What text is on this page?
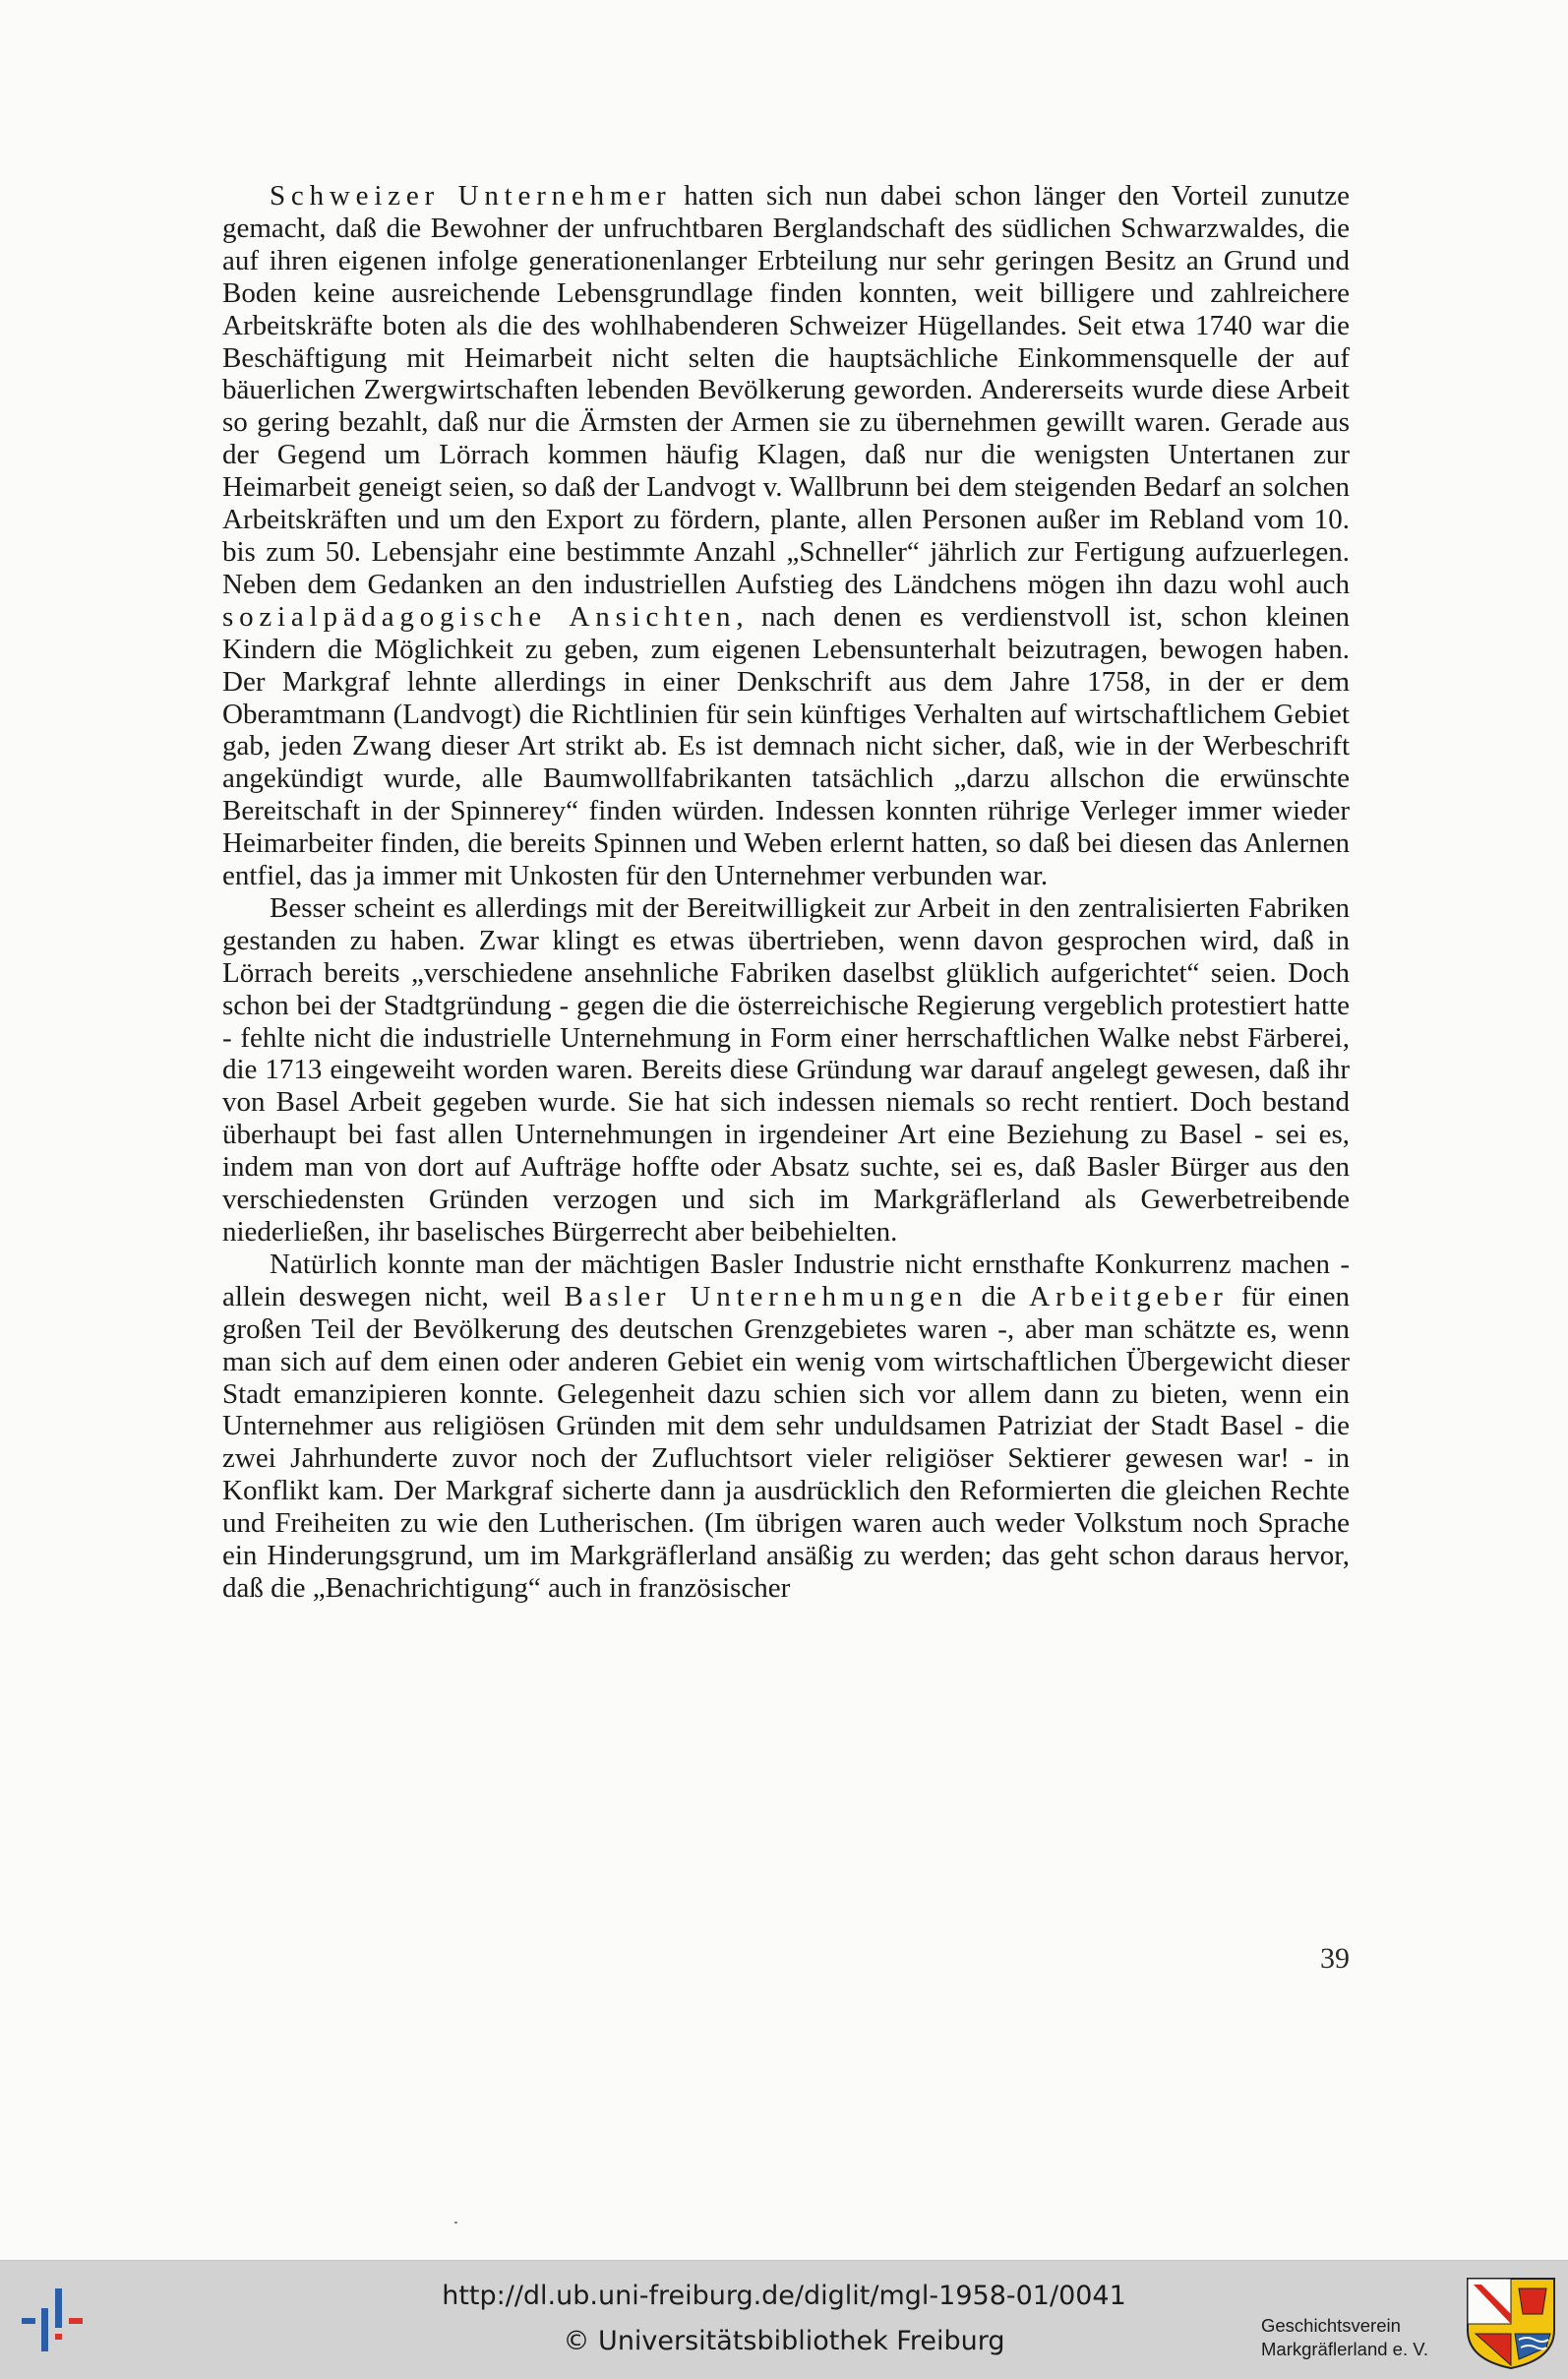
Schweizer Unternehmer hatten sich nun dabei schon länger den Vorteil zunutze gemacht, daß die Bewohner der unfruchtbaren Berglandschaft des südlichen Schwarzwaldes, die auf ihren eigenen infolge generationenlanger Erbteilung nur sehr geringen Besitz an Grund und Boden keine ausreichende Lebensgrundlage finden konnten, weit billigere und zahlreichere Arbeitskräfte boten als die des wohlhabenderen Schweizer Hügellandes. Seit etwa 1740 war die Beschäftigung mit Heimarbeit nicht selten die hauptsächliche Einkommensquelle der auf bäuerlichen Zwergwirtschaften lebenden Bevölkerung geworden. Andererseits wurde diese Arbeit so gering bezahlt, daß nur die Ärmsten der Armen sie zu übernehmen gewillt waren. Gerade aus der Gegend um Lörrach kommen häufig Klagen, daß nur die wenigsten Untertanen zur Heimarbeit geneigt seien, so daß der Landvogt v. Wallbrunn bei dem steigenden Bedarf an solchen Arbeitskräften und um den Export zu fördern, plante, allen Personen außer im Rebland vom 10. bis zum 50. Lebensjahr eine bestimmte Anzahl „Schneller“ jährlich zur Fertigung aufzuerlegen. Neben dem Gedanken an den industriellen Aufstieg des Ländchens mögen ihn dazu wohl auch sozialpädagogische Ansichten, nach denen es verdienstvoll ist, schon kleinen Kindern die Möglichkeit zu geben, zum eigenen Lebensunterhalt beizutragen, bewogen haben. Der Markgraf lehnte allerdings in einer Denkschrift aus dem Jahre 1758, in der er dem Oberamtmann (Landvogt) die Richtlinien für sein künftiges Verhalten auf wirtschaftlichem Gebiet gab, jeden Zwang dieser Art strikt ab. Es ist demnach nicht sicher, daß, wie in der Werbeschrift angekündigt wurde, alle Baumwollfabrikanten tatsächlich „darzu allschon die erwünschte Bereitschaft in der Spinnerey“ finden würden. Indessen konnten rührige Verleger immer wieder Heimarbeiter finden, die bereits Spinnen und Weben erlernt hatten, so daß bei diesen das Anlernen entfiel, das ja immer mit Unkosten für den Unternehmer verbunden war.

Besser scheint es allerdings mit der Bereitwilligkeit zur Arbeit in den zentralisierten Fabriken gestanden zu haben. Zwar klingt es etwas übertrieben, wenn davon gesprochen wird, daß in Lörrach bereits „verschiedene ansehnliche Fabriken daselbst glüklich aufgerichtet“ seien. Doch schon bei der Stadtgründung - gegen die die österreichische Regierung vergeblich protestiert hatte - fehlte nicht die industrielle Unternehmung in Form einer herrschaftlichen Walke nebst Färberei, die 1713 eingeweiht worden waren. Bereits diese Gründung war darauf angelegt gewesen, daß ihr von Basel Arbeit gegeben wurde. Sie hat sich indessen niemals so recht rentiert. Doch bestand überhaupt bei fast allen Unternehmungen in irgendeiner Art eine Beziehung zu Basel - sei es, indem man von dort auf Aufträge hoffte oder Absatz suchte, sei es, daß Basler Bürger aus den verschiedensten Gründen verzogen und sich im Markgräflerland als Gewerbetreibende niederließen, ihr baselisches Bürgerrecht aber beibehielten.

Natürlich konnte man der mächtigen Basler Industrie nicht ernsthafte Konkurrenz machen - allein deswegen nicht, weil Basler Unternehmungen die Arbeitgeber für einen großen Teil der Bevölkerung des deutschen Grenzgebietes waren -, aber man schätzte es, wenn man sich auf dem einen oder anderen Gebiet ein wenig vom wirtschaftlichen Übergewicht dieser Stadt emanzipieren konnte. Gelegenheit dazu schien sich vor allem dann zu bieten, wenn ein Unternehmer aus religiösen Gründen mit dem sehr unduldsamen Patriziat der Stadt Basel - die zwei Jahrhunderte zuvor noch der Zufluchtsort vieler religiöser Sektierer gewesen war! - in Konflikt kam. Der Markgraf sicherte dann ja ausdrücklich den Reformierten die gleichen Rechte und Freiheiten zu wie den Lutherischen. (Im übrigen waren auch weder Volkstum noch Sprache ein Hinderungsgrund, um im Markgräflerland ansäßig zu werden; das geht schon daraus hervor, daß die „Benachrichtigung“ auch in französischer

39
http://dl.ub.uni-freiburg.de/diglit/mgl-1958-01/0041
© Universitätsbibliothek Freiburg
Geschichtsverein
Markgräflerland e. V.
